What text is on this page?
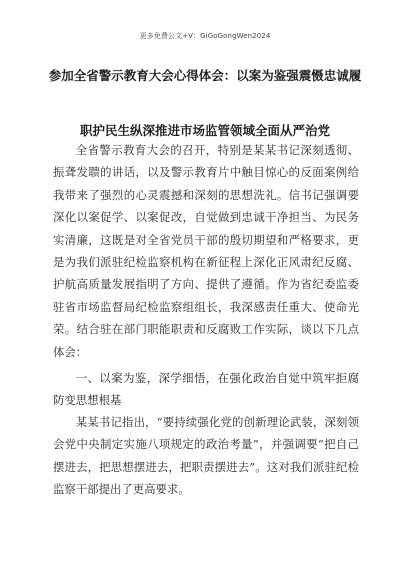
更多免费公文+V：GiGoGongWen2024
参加全省警示教育大会心得体会：以案为鉴强震慑忠诚履
职护民生纵深推进市场监管领域全面从严治党

全省警示教育大会的召开，特别是某某书记深刻透彻、振聋发聩的讲话，以及警示教育片中触目惊心的反面案例给我带来了强烈的心灵震撼和深刻的思想洗礼。信书记强调要深化以案促学、以案促改，自觉做到忠诚干净担当、为民务实清廉，这既是对全省党员干部的殷切期望和严格要求，更是为我们派驻纪检监察机构在新征程上深化正风肃纪反腐、护航高质量发展指明了方向、提供了遵循。作为省纪委监委驻省市场监督局纪检监察组组长，我深感责任重大、使命光荣。结合驻在部门职能职责和反腐败工作实际，谈以下几点体会：

一、以案为鉴，深学细悟，在强化政治自觉中筑牢拒腐防变思想根基

某某书记指出，“要持续强化党的创新理论武装，深刻领会党中央制定实施八项规定的政治考量”，并强调要“把自己摆进去，把思想摆进去，把职责摆进去”。这对我们派驻纪检监察干部提出了更高要求。
